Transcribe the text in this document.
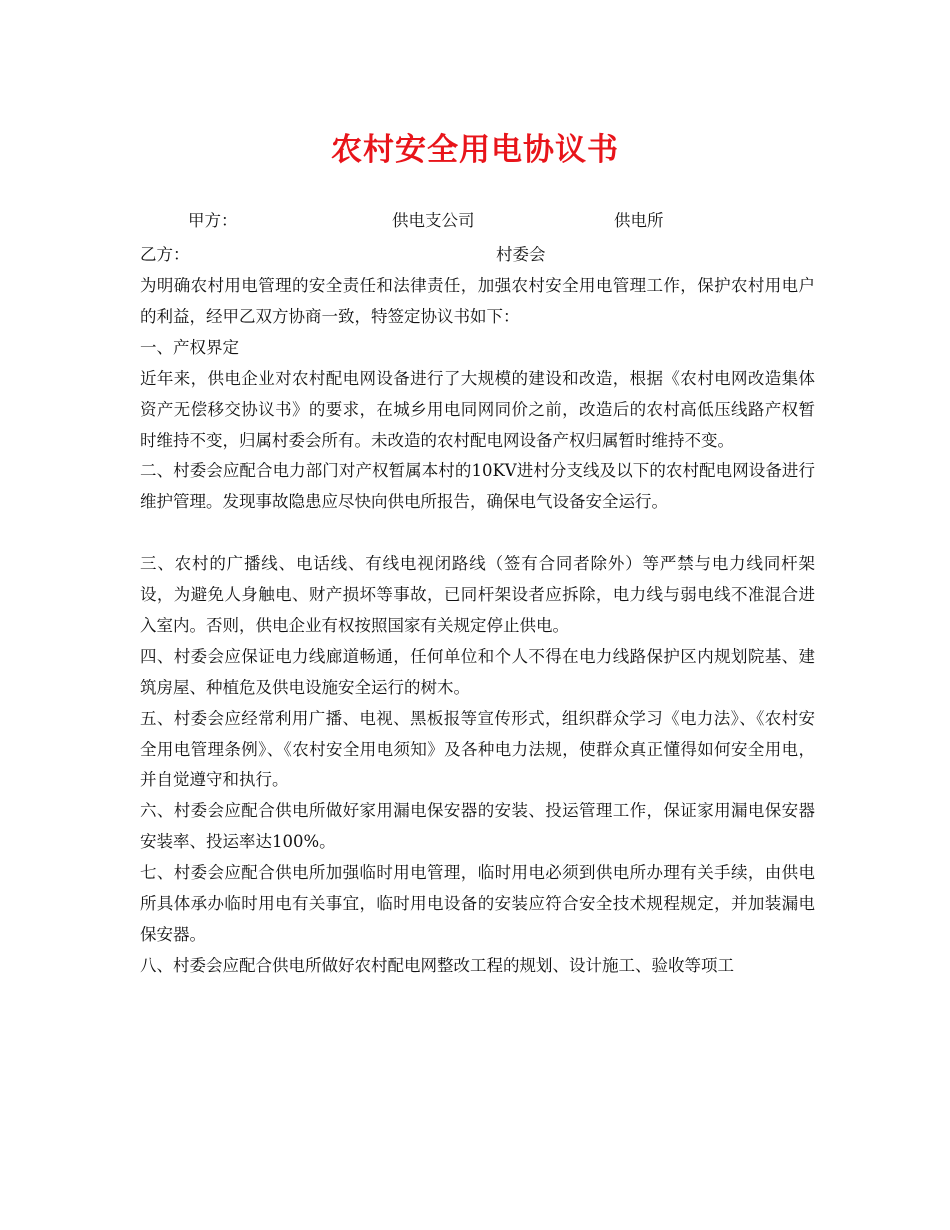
农村安全用电协议书
甲方：	供电支公司	供电所
乙方：	村委会

为明确农村用电管理的安全责任和法律责任，加强农村安全用电管理工作，保护农村用电户的利益，经甲乙双方协商一致，特签定协议书如下：

一、产权界定

近年来，供电企业对农村配电网设备进行了大规模的建设和改造，根据《农村电网改造集体资产无偿移交协议书》的要求，在城乡用电同网同价之前，改造后的农村高低压线路产权暂时维持不变，归属村委会所有。未改造的农村配电网设备产权归属暂时维持不变。

二、村委会应配合电力部门对产权暂属本村的10KV进村分支线及以下的农村配电网设备进行维护管理。发现事故隐患应尽快向供电所报告，确保电气设备安全运行。

三、农村的广播线、电话线、有线电视闭路线（签有合同者除外）等严禁与电力线同杆架设，为避免人身触电、财产损坏等事故，已同杆架设者应拆除，电力线与弱电线不准混合进入室内。否则，供电企业有权按照国家有关规定停止供电。

四、村委会应保证电力线廊道畅通，任何单位和个人不得在电力线路保护区内规划院基、建筑房屋、种植危及供电设施安全运行的树木。

五、村委会应经常利用广播、电视、黑板报等宣传形式，组织群众学习《电力法》、《农村安全用电管理条例》、《农村安全用电须知》及各种电力法规，使群众真正懂得如何安全用电，并自觉遵守和执行。

六、村委会应配合供电所做好家用漏电保安器的安装、投运管理工作，保证家用漏电保安器安装率、投运率达100%。

七、村委会应配合供电所加强临时用电管理，临时用电必须到供电所办理有关手续，由供电所具体承办临时用电有关事宜，临时用电设备的安装应符合安全技术规程规定，并加装漏电保安器。

八、村委会应配合供电所做好农村配电网整改工程的规划、设计施工、验收等项工
